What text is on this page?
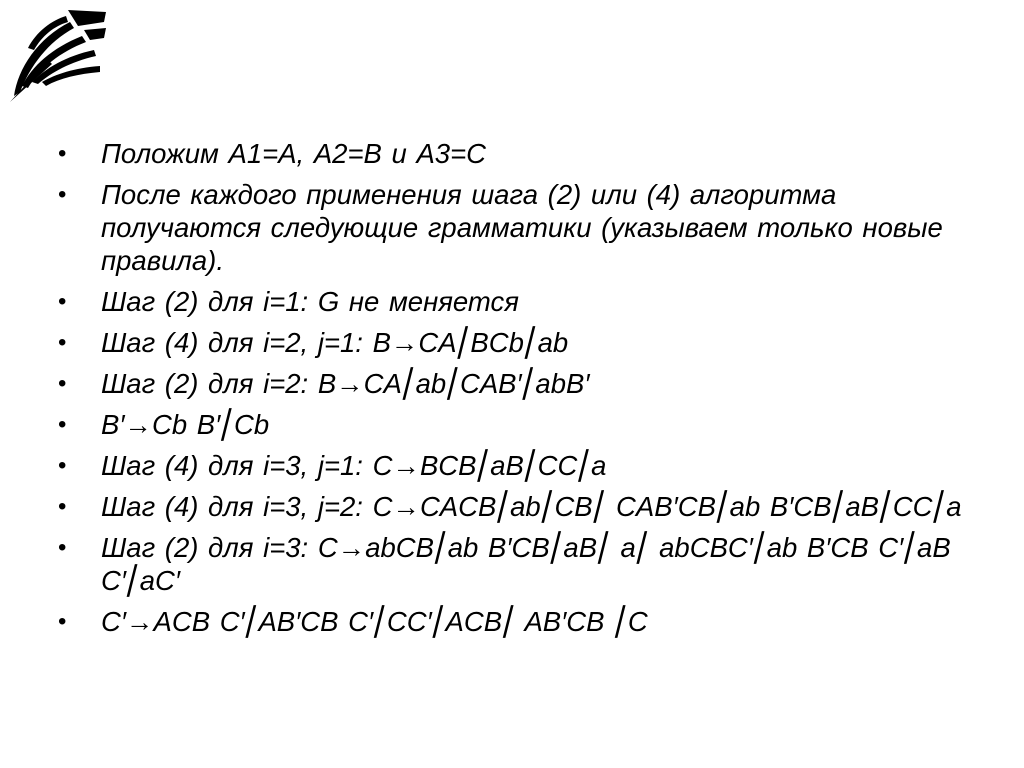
• Положим А1=A, А2=B и А3=C
• После каждого применения шага (2) или (4) алгоритма получаются следующие грамматики (указываем только новые правила).
• Шаг (2) для i=1: G не меняется
• Шаг (4) для i=2, j=1: B→CA⎢BCb⎢ab
• Шаг (2) для i=2: B→CA⎢ab⎢CAB′⎢abB′
• B′→Cb B′⎢Cb
• Шаг (4) для i=3, j=1: C→BCB⎢aB⎢CC⎢a
• Шаг (4) для i=3, j=2: C→CACB⎢ab⎢CB⎢ CAB′CB⎢ab B′CB⎢aB⎢CC⎢a
• Шаг (2) для i=3: C→abCB⎢ab B′CB⎢aB⎢ a⎢ abCBC′⎢ab B′CB C′⎢aB C′⎢aC′
• C′→ACB C′⎢AB′CB C′⎢CC′⎢ACB⎢ AB′CB ⎢C
